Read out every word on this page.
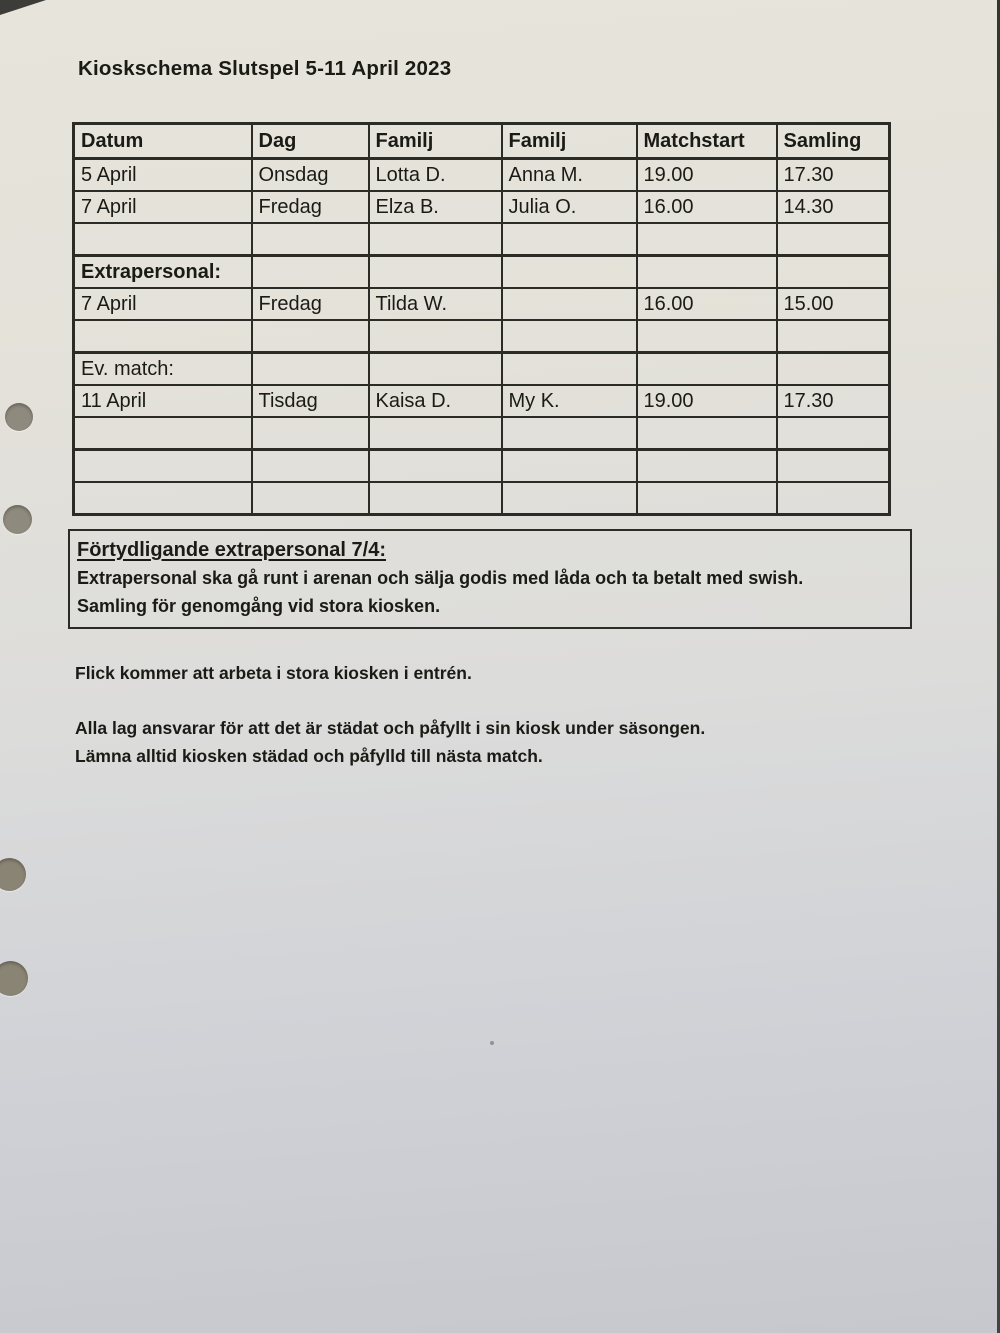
Kioskschema Slutspel 5-11 April 2023
Datum	Dag	Familj	Familj	Matchstart	Samling
5 April	Onsdag	Lotta D.	Anna M.	19.00	17.30
7 April	Fredag	Elza B.	Julia O.	16.00	14.30

Extrapersonal:					
7 April	Fredag	Tilda W.		16.00	15.00

Ev. match:					
11 April	Tisdag	Kaisa D.	My K.	19.00	17.30

Förtydligande extrapersonal 7/4:
Extrapersonal ska gå runt i arenan och sälja godis med låda och ta betalt med swish.
Samling för genomgång vid stora kiosken.

Flick kommer att arbeta i stora kiosken i entrén.

Alla lag ansvarar för att det är städat och påfyllt i sin kiosk under säsongen.

Lämna alltid kiosken städad och påfylld till nästa match.
